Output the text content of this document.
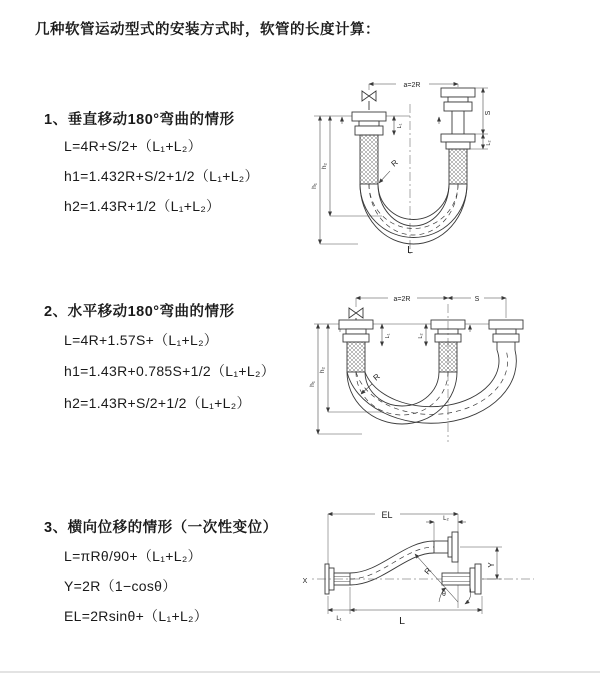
几种软管运动型式的安装方式时，软管的长度计算：
1、垂直移动180°弯曲的情形
L=4R+S/2+（L₁+L₂）
h1=1.432R+S/2+1/2（L₁+L₂）
h2=1.43R+1/2（L₁+L₂）
a=2R
R
L
h₁
h₂
S
L₂
L₁
2、水平移动180°弯曲的情形
L=4R+1.57S+（L₁+L₂）
h1=1.43R+0.785S+1/2（L₁+L₂）
h2=1.43R+S/2+1/2（L₁+L₂）
a=2R	S
R
h₁
h₂
L₁	L₂
3、横向位移的情形（一次性变位）
L=πRθ/90+（L₁+L₂）
Y=2R（1−cosθ）
EL=2Rsinθ+（L₁+L₂）
EL	L₂
X
Y
R
θ
L₁	L
